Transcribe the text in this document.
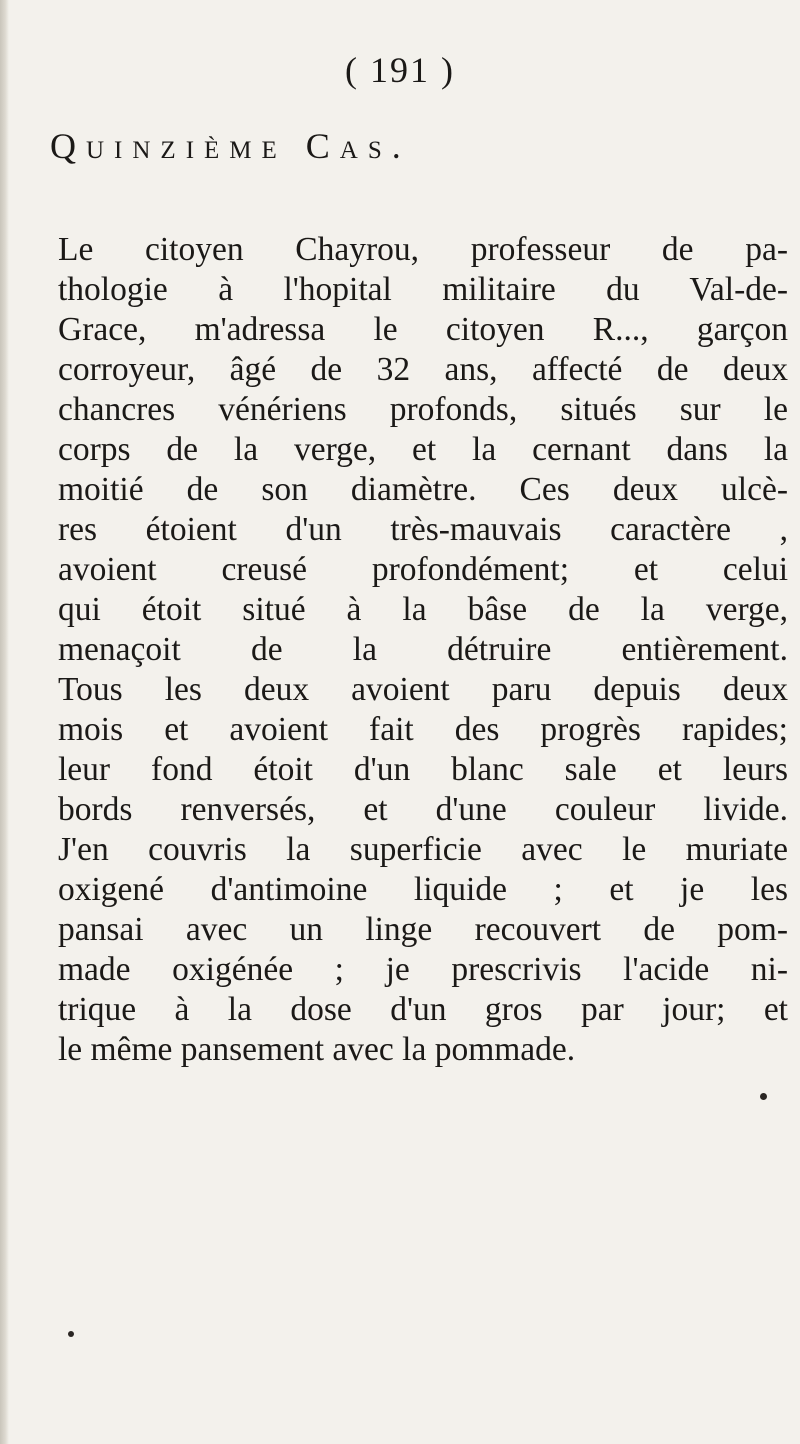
( 191 )
Quinzième Cas.
Le citoyen Chayrou, professeur de pa-
thologie à l'hopital militaire du Val-de-
Grace, m'adressa le citoyen R..., garçon
corroyeur, âgé de 32 ans, affecté de deux
chancres vénériens profonds, situés sur le
corps de la verge, et la cernant dans la
moitié de son diamètre. Ces deux ulcè-
res étoient d'un très-mauvais caractère ,
avoient creusé profondément; et celui
qui étoit situé à la bâse de la verge,
menaçoit de la détruire entièrement.
Tous les deux avoient paru depuis deux
mois et avoient fait des progrès rapides;
leur fond étoit d'un blanc sale et leurs
bords renversés, et d'une couleur livide.
J'en couvris la superficie avec le muriate
oxigené d'antimoine liquide ; et je les
pansai avec un linge recouvert de pom-
made oxigénée ; je prescrivis l'acide ni-
trique à la dose d'un gros par jour; et
le même pansement avec la pommade.
